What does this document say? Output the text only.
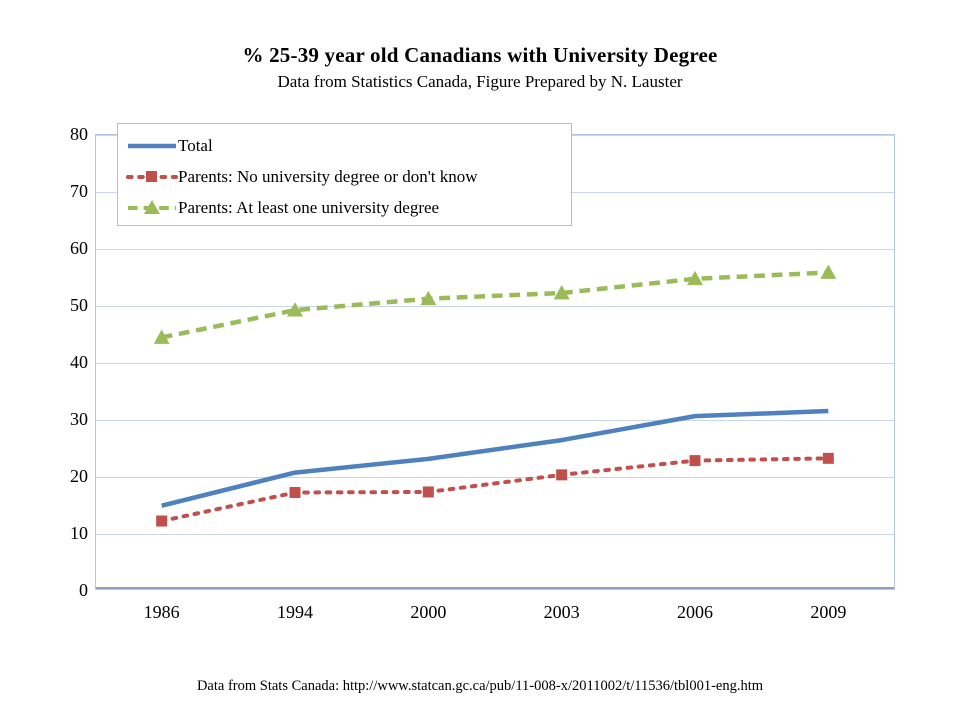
% 25-39 year old Canadians with University Degree
Data from Statistics Canada, Figure Prepared by N. Lauster
0
10
20
30
40
50
60
70
80
1986	1994	2000	2003	2006	2009
Total
Parents: No university degree or don't know
Parents: At least one university degree
Data from Stats Canada: http://www.statcan.gc.ca/pub/11-008-x/2011002/t/11536/tbl001-eng.htm
